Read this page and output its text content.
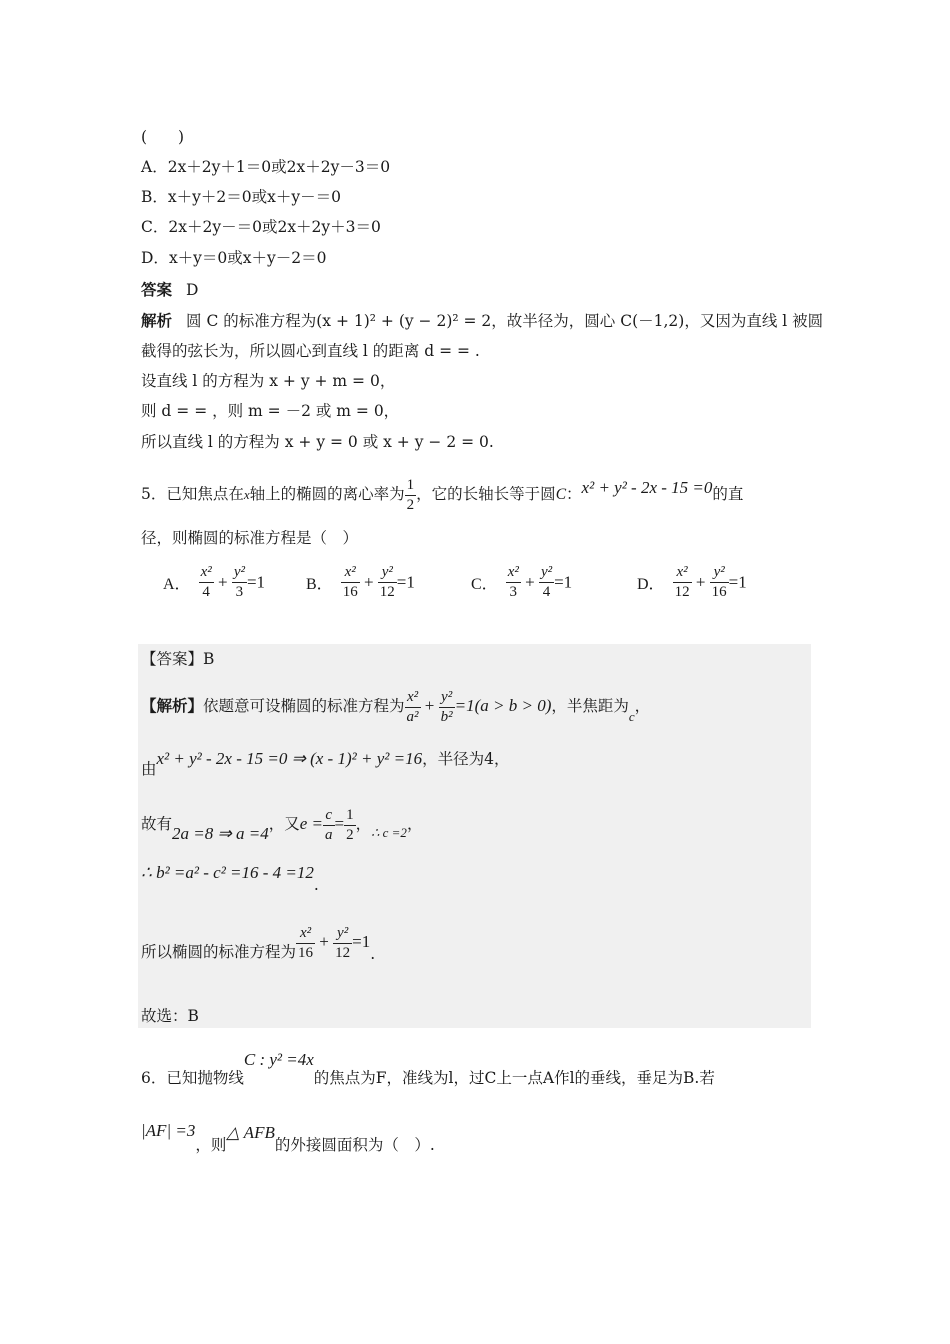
(　　)
A．2x＋2y＋1＝0或2x＋2y－3＝0
B．x＋y＋2＝0或x＋y－＝0
C．2x＋2y－＝0或2x＋2y＋3＝0
D．x＋y＝0或x＋y－2＝0
答案 D
解析 圆 C 的标准方程为(x + 1)² + (y − 2)² = 2，故半径为，圆心 C(－1,2)，又因为直线 l 被圆
截得的弦长为，所以圆心到直线 l 的距离 d = = .
设直线 l 的方程为 x + y + m = 0，
则 d = = ，则 m = －2 或 m = 0，
所以直线 l 的方程为 x + y = 0 或 x + y − 2 = 0.
5．已知焦点在x轴上的椭圆的离心率为 $\frac{1}{2}$ ，它的长轴长等于圆C：x² + y² - 2x - 15 =0的直
径，则椭圆的标准方程是（　）
A． $\frac{\text{x²}}{4} + \frac{\text{y²}}{3} =1$	B． $\frac{\text{x²}}{16} + \frac{\text{y²}}{12} =1$	C． $\frac{\text{x²}}{3} + \frac{\text{y²}}{4} =1$	D． $\frac{\text{x²}}{12} + \frac{\text{y²}}{16} =1$
【答案】B
【解析】依题意可设椭圆的标准方程为 $\frac{\text{x²}}{\text{a²}} + \frac{\text{y²}}{\text{b²}} =1(a > b > 0)$，半焦距为$_c$，
由x² + y² - 2x - 15 =0 ⇒ (x - 1)² + y² =16，半径为4，
故有2a =8 ⇒ a =4，又$e = \frac{c}{a} = \frac{1}{2}$ ，$_{\therefore c =2}$，
∴ b² =a² - c² =16 - 4 =12.
所以椭圆的标准方程为 $\frac{\text{x²}}{16} + \frac{\text{y²}}{12} =1$.
故选：B
6．已知抛物线C : y² =4x的焦点为F，准线为l，过C上一点A作l的垂线，垂足为B.若
|AF| =3，则△ AFB的外接圆面积为（　）.
